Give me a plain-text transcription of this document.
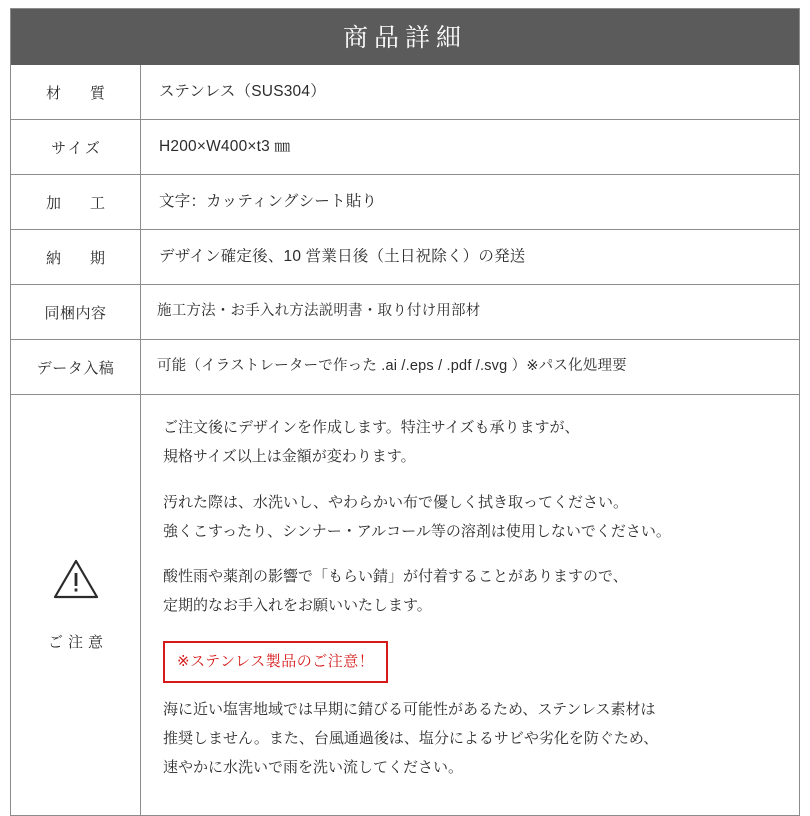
商品詳細
材　質	ステンレス（SUS304）
サイズ	H200×W400×t3 ㎜
加　工	文字：カッティングシート貼り
納　期	デザイン確定後、10 営業日後（土日祝除く）の発送
同梱内容	施工方法・お手入れ方法説明書・取り付け用部材
データ入稿	可能（イラストレーターで作った .ai /.eps / .pdf /.svg ）※パス化処理要
ご注意
ご注文後にデザインを作成します。特注サイズも承りますが、
規格サイズ以上は金額が変わります。
汚れた際は、水洗いし、やわらかい布で優しく拭き取ってください。
強くこすったり、シンナー・アルコール等の溶剤は使用しないでください。
酸性雨や薬剤の影響で「もらい錆」が付着することがありますので、
定期的なお手入れをお願いいたします。
※ステンレス製品のご注意！
海に近い塩害地域では早期に錆びる可能性があるため、ステンレス素材は
推奨しません。また、台風通過後は、塩分によるサビや劣化を防ぐため、
速やかに水洗いで雨を洗い流してください。
